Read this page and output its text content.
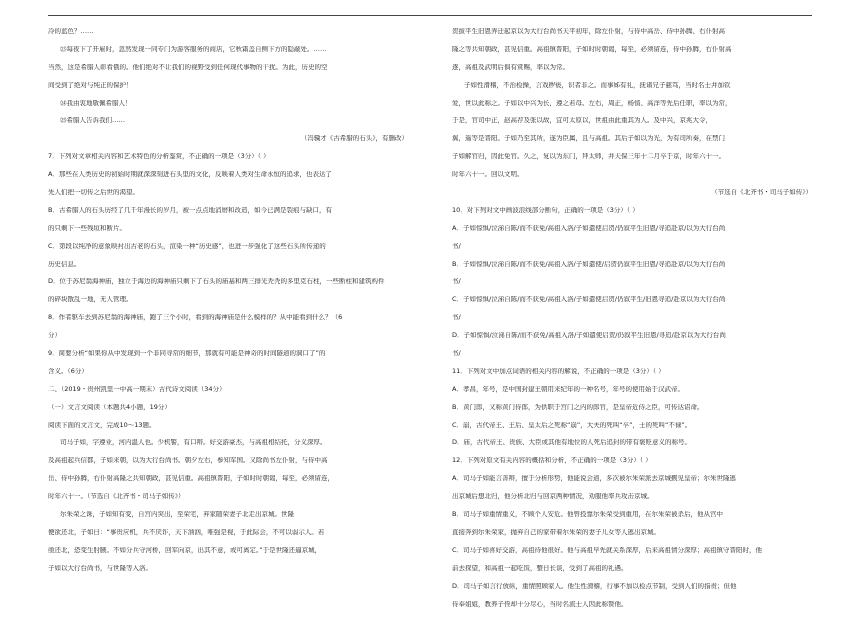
冷的蓝色？……
㉓每夜下了开雇时，忽然发现一同专门为游客服务的商店，它秋霜盖自侧下方的隐蔽处。……
当然，这是希腊人彰看俄的。他们绝对不让我们的视野受到任何现代事物的干扰。为此，历史的空
间受到了绝对与纯正的保护！
㉔我由衷地敬佩希腊人！
㉕希腊人告诉我们……
（冯骥才《古希腊的石头》，有删改）
7．下列对文章相关内容和艺术特色的分析鉴赏，不正确的一项是（3分）（ ）
A．那些在人类历史的初始时期就深深刻进石头里的文化，反映着人类对生命永恒的追求，也表达了
先人们把一切传之后世的渴望。
B．古希腊人的石头历经了几千年漫长的岁月，被一点点地消磨和改造，如今已满是裂痕与缺口，有
的只剩下一些残垣和断片。
C．第段以纯净的意象映衬出古老的石头，渲染一种“历史感”，也进一步强化了这些石头所传递的
历史信息。
D．位于苏尼翁海神庙，独立于海边的海神庙只剩下了石头的庙基和两三排光秃秃的多里克石柱，一些断柱和建筑构件
的碎块散乱一地，无人管理。
8．作者驱车去到苏尼翁的海神庙，跑了三个小时，看到的海神庙是什么模样的？从中能看到什么？（6
分）
9．简要分析“如果你从中发现到一个非同寻常的细节，那就有可能是神奇的时间隧道的洞口了”的
含义。（6分）
二、（2019・贵州凯里一中高一期末）古代诗文阅读（34分）
（一）文言文阅读（本题共4小题，19分）
阅读下面的文言文，完成10～13题。
司马子如，字遵业，河内温人也。少机警，有口辩。好交游豪杰，与高祖相结托，分义深厚。
及高祖起兵信都，子如来朝，以为大行台尚书。朝夕左右，参知军国。又除尚书左仆射，与侍中高
岳、侍中孙腾，右仆射高隆之共知朝政，甚见信重。高祖镇晋阳，子如时时朝谒，每至，必须留连，
时年六十一。（节选自《北齐书・司马子如传》）
尔朱荣之诛，子如知有变，自宫内突出，至荣宅，弃家随荣妻子北走出京城。世隆
便欲还北，子如曰：“事贵应机，兵不厌诈，天下汹汹，唯强是视，于此际会，不可以弱示人。若
亟还北，恐变生肘腋。不如分兵守河桥，回军向京，出其不意，或可离定。”于是世隆还逼京城，
子如以大行台尚书，与世隆等入洛。
贺拔平生旧恩弄迁起京以为大行台尚书天平初年，除左仆射，与侍中高岳、侍中孙腾、右仆射高
隆之等共知朝政，甚见信重。高祖镇晋阳，子如时时朝谒，每至，必须留连，侍中孙腾，右仆射高
逐，高祖及武明后俱有赏赐，率以为常。
子如性滑稽，不治检操，言戏秽亵，识者非之。而事姊有礼，抚诸兄子慈笃，当时名士并加钦
爱，世以此称之。子如以中兴为长，遵之若母。左右，周正，杨愔、高洋等先后任职，率以为常，
于是，官司中正，赵高荐及张以故，宜可太原以，世祖由此重其为人。及中兴，京兆大令，
翼，遥等是晋阳。子如乃至其所，遂为臣属，且与高祖。其后子如以为光，为有司所奏，在禁门
子如解官归，因此免官。久之，复以为东门，拜太师，并天保三年十二月卒于京，时年六十一。
时年六十一。回以文明。
（节选自《北齐书・司马子如传》）
10．对下列对文中画波浪线部分断句，正确的一项是（3分）（ ）
A．子如惊惧/泣涕自陈/而不获免/高祖入洛/子如遣使启贺/仍叙平生旧恩/寻追赴京/以为大行台尚
书/
B．子如惊惧/泣涕自陈/而不获免/高祖入洛/子如遣使/启贺仍叙平生旧恩/寻追赴京/以为大行台尚
书/
C．子如惊惧/泣涕自陈/而不获免/高祖入洛/子如遣使启贺/仍叙平生/旧恩寻追/赴京以为大行台尚
书/
D．子如惊惧/泣涕自陈/而不获免/高祖入洛/子如遣使启贺/仍叙平生旧恩/寻追/赴京以为大行台尚
书/
11．下列对文中加点词语的相关内容的解说，不正确的一项是（3分）（ ）
A．孝昌，年号，是中国封建王朝用来纪年的一种名号，年号的使用始于汉武帝。
B．黄门郎，又称黄门侍郎，为供职于宫门之内的郎官，是皇帝近侍之臣，可传达诏命。
C．崩，古代帝王、王后、皇太后之死称“崩”，大夫的死叫“卒”，士的死叫“不禄”。
D．庙，古代帝王、贵族、大臣或其他有地位的人死后追封的带有褒贬意义的称号。
12．下列对原文有关内容的概括和分析，不正确的一项是（3分）（ ）
A．司马子如能言善辩，擅于分析形势，他能说会道，多次被尔朱荣派去京城觐见皇帝；尔朱世隆逃
出京城后想北归，他分析北归与回京两种情况，劝服他率兵攻击京城。
B．司马子如重情重义，不顾个人安危。他曾投靠尔朱荣受到重用，在尔朱荣被杀后，他从宫中
直接奔到尔朱荣家，抛弃自己的家带着尔朱荣的妻子儿女等人逃出京城。
C．司马子如喜好交游，高祖待他很好。他与高祖早先就关系深厚，后来高祖情分深厚；高祖镇守晋阳时，他
前去探望，和高祖一起吃饭，整日长谈，受到了高祖的礼遇。
D．司马子如言行放纵，重情照顾家人。他生性滑稽，行事不加以检点节制，受到人们的指责；但他
侍奉姐姐，教养子侄却十分尽心，当时名流士人因此称赞他。
